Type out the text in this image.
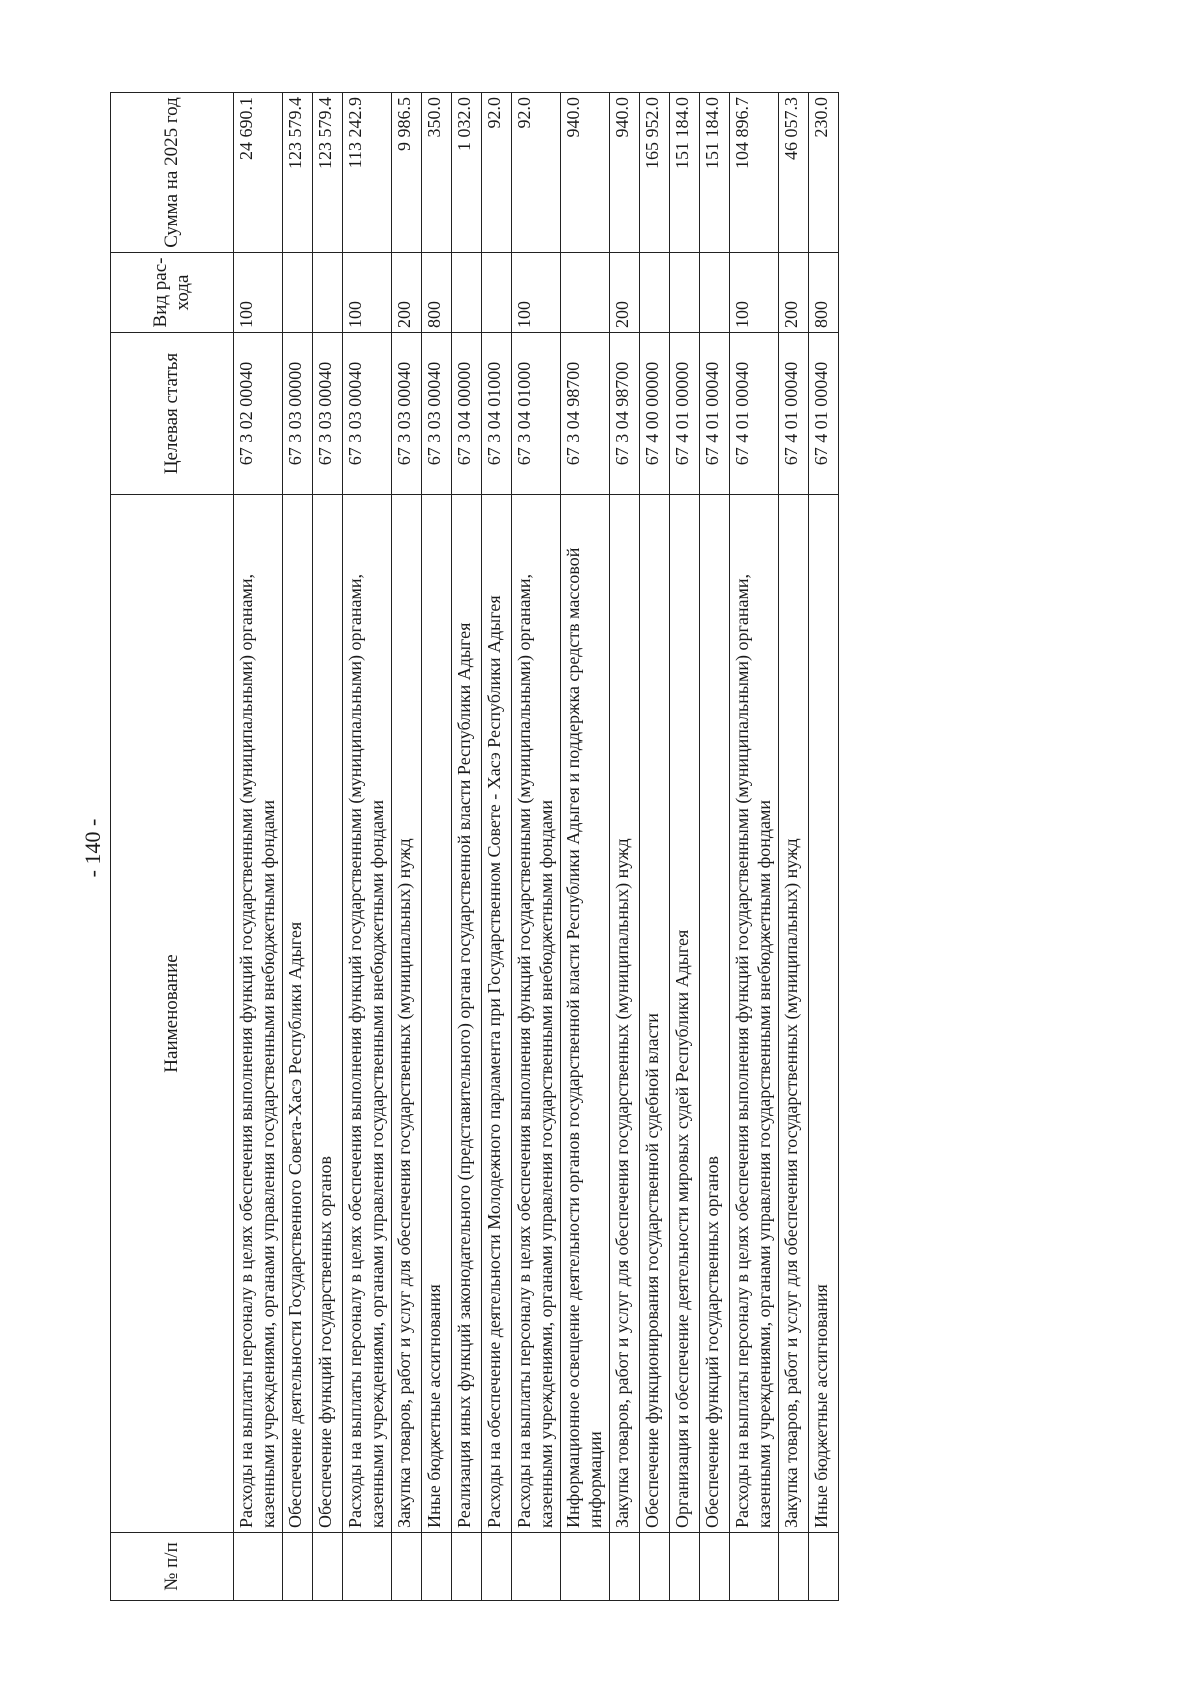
- 140 -
№ п/п	Наименование	Целевая статья	Вид рас-хода	Сумма на 2025 год
	Расходы на выплаты персоналу в целях обеспечения выполнения функций государственными (муниципальными) органами, казенными учреждениями, органами управления государственными внебюджетными фондами	67 3 02 00040	100	24 690.1
	Обеспечение деятельности Государственного Совета-Хасэ Республики Адыгея	67 3 03 00000		123 579.4
	Обеспечение функций государственных органов	67 3 03 00040		123 579.4
	Расходы на выплаты персоналу в целях обеспечения выполнения функций государственными (муниципальными) органами, казенными учреждениями, органами управления государственными внебюджетными фондами	67 3 03 00040	100	113 242.9
	Закупка товаров, работ и услуг для обеспечения государственных (муниципальных) нужд	67 3 03 00040	200	9 986.5
	Иные бюджетные ассигнования	67 3 03 00040	800	350.0
	Реализация иных функций законодательного (представительного) органа государственной власти Республики Адыгея	67 3 04 00000		1 032.0
	Расходы на обеспечение деятельности Молодежного парламента при Государственном Совете - Хасэ Республики Адыгея	67 3 04 01000		92.0
	Расходы на выплаты персоналу в целях обеспечения выполнения функций государственными (муниципальными) органами, казенными учреждениями, органами управления государственными внебюджетными фондами	67 3 04 01000	100	92.0
	Информационное освещение деятельности органов государственной власти Республики Адыгея и поддержка средств массовой информации	67 3 04 98700		940.0
	Закупка товаров, работ и услуг для обеспечения государственных (муниципальных) нужд	67 3 04 98700	200	940.0
	Обеспечение функционирования государственной судебной власти	67 4 00 00000		165 952.0
	Организация и обеспечение деятельности мировых судей Республики Адыгея	67 4 01 00000		151 184.0
	Обеспечение функций государственных органов	67 4 01 00040		151 184.0
	Расходы на выплаты персоналу в целях обеспечения выполнения функций государственными (муниципальными) органами, казенными учреждениями, органами управления государственными внебюджетными фондами	67 4 01 00040	100	104 896.7
	Закупка товаров, работ и услуг для обеспечения государственных (муниципальных) нужд	67 4 01 00040	200	46 057.3
	Иные бюджетные ассигнования	67 4 01 00040	800	230.0
